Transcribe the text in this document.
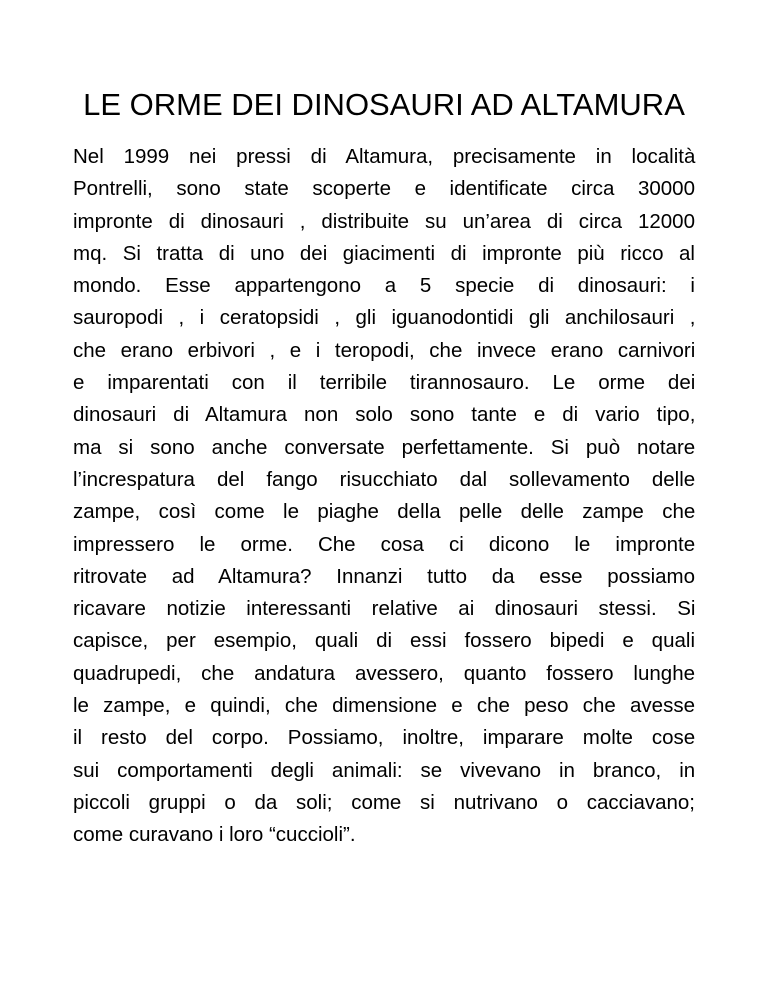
LE ORME DEI DINOSAURI AD ALTAMURA
Nel 1999 nei pressi di Altamura, precisamente in località
Pontrelli, sono state scoperte e identificate circa 30000
impronte di dinosauri , distribuite su un’area di circa 12000
mq. Si tratta di uno dei giacimenti di impronte più ricco al
mondo. Esse appartengono a 5 specie di dinosauri: i
sauropodi , i ceratopsidi , gli iguanodontidi gli anchilosauri ,
che erano erbivori , e i teropodi, che invece erano carnivori
e imparentati con il terribile tirannosauro. Le orme dei
dinosauri di Altamura non solo sono tante e di vario tipo,
ma si sono anche conversate perfettamente. Si può notare
l’increspatura del fango risucchiato dal sollevamento delle
zampe, così come le piaghe della pelle delle zampe che
impressero le orme. Che cosa ci dicono le impronte
ritrovate ad Altamura? Innanzi tutto da esse possiamo
ricavare notizie interessanti relative ai dinosauri stessi. Si
capisce, per esempio, quali di essi fossero bipedi e quali
quadrupedi, che andatura avessero, quanto fossero lunghe
le zampe, e quindi, che dimensione e che peso che avesse
il resto del corpo. Possiamo, inoltre, imparare molte cose
sui comportamenti degli animali: se vivevano in branco, in
piccoli gruppi o da soli; come si nutrivano o cacciavano;
come curavano i loro “cuccioli”.
